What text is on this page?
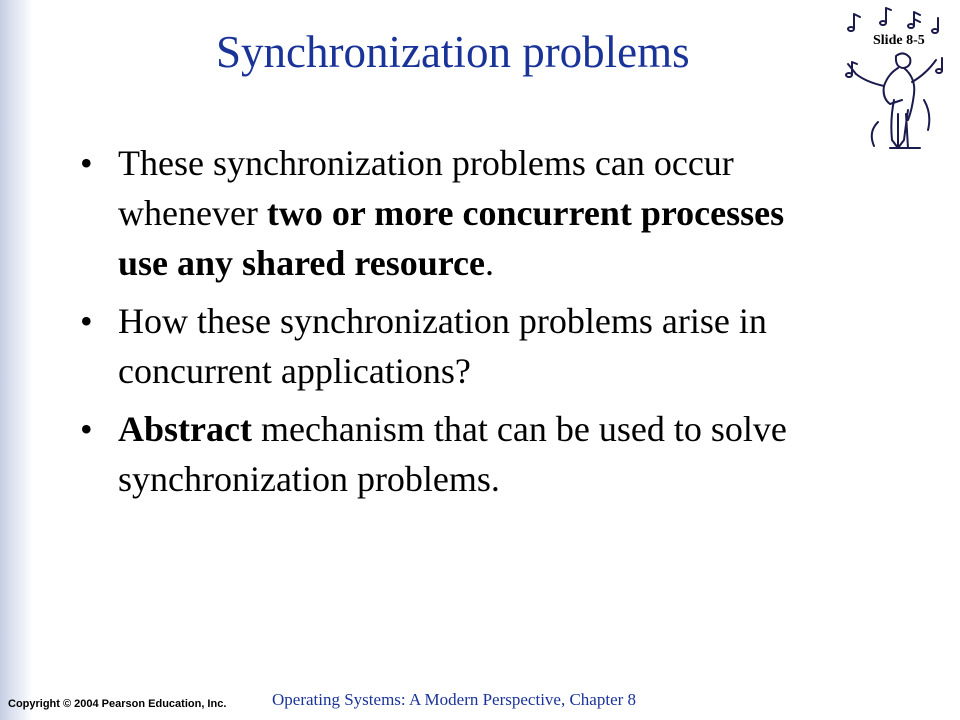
Synchronization problems	Slide 8-5
• These synchronization problems can occur whenever two or more concurrent processes use any shared resource.
• How these synchronization problems arise in concurrent applications?
• Abstract mechanism that can be used to solve synchronization problems.
Copyright © 2004 Pearson Education, Inc.	Operating Systems: A Modern Perspective, Chapter 8
